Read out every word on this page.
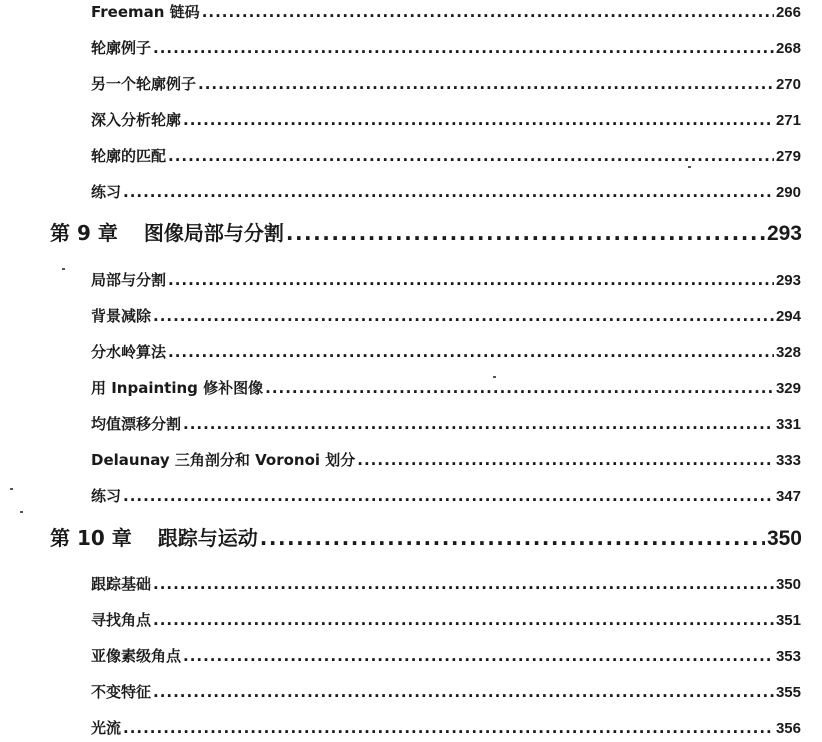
Freeman 链码 .....	266
轮廓例子 .....	268
另一个轮廓例子 .....	270
深入分析轮廓 .....	271
轮廓的匹配 .....	279
练习 .....	290
第 9 章 图像局部与分割 .....	293
局部与分割 .....	293
背景减除 .....	294
分水岭算法 .....	328
用 Inpainting 修补图像 .....	329
均值漂移分割 .....	331
Delaunay 三角剖分和 Voronoi 划分 .....	333
练习 .....	347
第 10 章 跟踪与运动 .....	350
跟踪基础 .....	350
寻找角点 .....	351
亚像素级角点 .....	353
不变特征 .....	355
光流 .....	356
